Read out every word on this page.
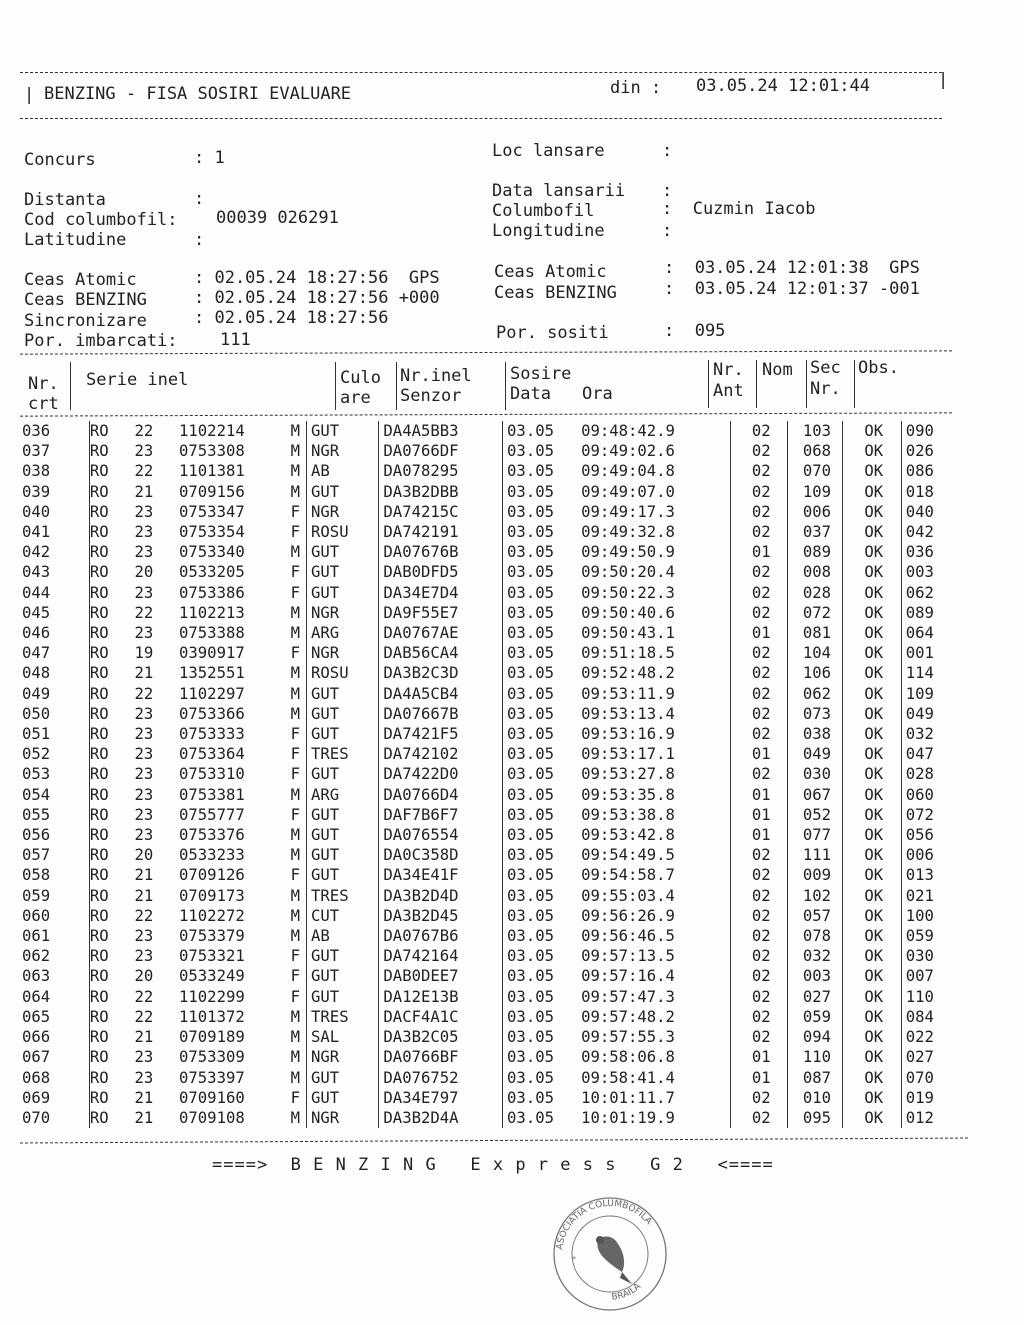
| BENZING - FISA SOSIRI EVALUARE	din : 03.05.24 12:01:44	|
Concurs	: 1
Distanta	:
Cod columbofil: 00039 026291
Latitudine	:
Ceas Atomic	: 02.05.24 18:27:56  GPS
Ceas BENZING	: 02.05.24 18:27:56 +000
Sincronizare	: 02.05.24 18:27:56
Por. imbarcati: 111
Loc lansare	:
Data lansarii :
Columbofil	:  Cuzmin Iacob
Longitudine	:
Ceas Atomic	:  03.05.24 12:01:38  GPS
Ceas BENZING	:  03.05.24 12:01:37 -001
Por. sositi	:  095
Nr.
crt
Serie inel	Culo
are
Nr.inel
Senzor
Sosire
Data Ora
Nr.
Ant
Nom Sec
Nr.
Obs.
036	RO	22	1102214	M	GUT	DA4A5BB3	03.05	09:48:42.9	02	103	OK	090
037	RO	23	0753308	M	NGR	DA0766DF	03.05	09:49:02.6	02	068	OK	026
038	RO	22	1101381	M	AB	DA078295	03.05	09:49:04.8	02	070	OK	086
039	RO	21	0709156	M	GUT	DA3B2DBB	03.05	09:49:07.0	02	109	OK	018
040	RO	23	0753347	F	NGR	DA74215C	03.05	09:49:17.3	02	006	OK	040
041	RO	23	0753354	F	ROSU	DA742191	03.05	09:49:32.8	02	037	OK	042
042	RO	23	0753340	M	GUT	DA07676B	03.05	09:49:50.9	01	089	OK	036
043	RO	20	0533205	F	GUT	DAB0DFD5	03.05	09:50:20.4	02	008	OK	003
044	RO	23	0753386	F	GUT	DA34E7D4	03.05	09:50:22.3	02	028	OK	062
045	RO	22	1102213	M	NGR	DA9F55E7	03.05	09:50:40.6	02	072	OK	089
046	RO	23	0753388	M	ARG	DA0767AE	03.05	09:50:43.1	01	081	OK	064
047	RO	19	0390917	F	NGR	DAB56CA4	03.05	09:51:18.5	02	104	OK	001
048	RO	21	1352551	M	ROSU	DA3B2C3D	03.05	09:52:48.2	02	106	OK	114
049	RO	22	1102297	M	GUT	DA4A5CB4	03.05	09:53:11.9	02	062	OK	109
050	RO	23	0753366	M	GUT	DA07667B	03.05	09:53:13.4	02	073	OK	049
051	RO	23	0753333	F	GUT	DA7421F5	03.05	09:53:16.9	02	038	OK	032
052	RO	23	0753364	F	TRES	DA742102	03.05	09:53:17.1	01	049	OK	047
053	RO	23	0753310	F	GUT	DA7422D0	03.05	09:53:27.8	02	030	OK	028
054	RO	23	0753381	M	ARG	DA0766D4	03.05	09:53:35.8	01	067	OK	060
055	RO	23	0755777	F	GUT	DAF7B6F7	03.05	09:53:38.8	01	052	OK	072
056	RO	23	0753376	M	GUT	DA076554	03.05	09:53:42.8	01	077	OK	056
057	RO	20	0533233	M	GUT	DA0C358D	03.05	09:54:49.5	02	111	OK	006
058	RO	21	0709126	F	GUT	DA34E41F	03.05	09:54:58.7	02	009	OK	013
059	RO	21	0709173	M	TRES	DA3B2D4D	03.05	09:55:03.4	02	102	OK	021
060	RO	22	1102272	M	CUT	DA3B2D45	03.05	09:56:26.9	02	057	OK	100
061	RO	23	0753379	M	AB	DA0767B6	03.05	09:56:46.5	02	078	OK	059
062	RO	23	0753321	F	GUT	DA742164	03.05	09:57:13.5	02	032	OK	030
063	RO	20	0533249	F	GUT	DAB0DEE7	03.05	09:57:16.4	02	003	OK	007
064	RO	22	1102299	F	GUT	DA12E13B	03.05	09:57:47.3	02	027	OK	110
065	RO	22	1101372	M	TRES	DACF4A1C	03.05	09:57:48.2	02	059	OK	084
066	RO	21	0709189	M	SAL	DA3B2C05	03.05	09:57:55.3	02	094	OK	022
067	RO	23	0753309	M	NGR	DA0766BF	03.05	09:58:06.8	01	110	OK	027
068	RO	23	0753397	M	GUT	DA076752	03.05	09:58:41.4	01	087	OK	070
069	RO	21	0709160	F	GUT	DA34E797	03.05	10:01:11.7	02	010	OK	019
070	RO	21	0709108	M	NGR	DA3B2D4A	03.05	10:01:19.9	02	095	OK	012
====>  B E N Z I N G   E x p r e s s   G 2   <====
ASOCIATIA COLUMBOFILA
BRAILA
*
